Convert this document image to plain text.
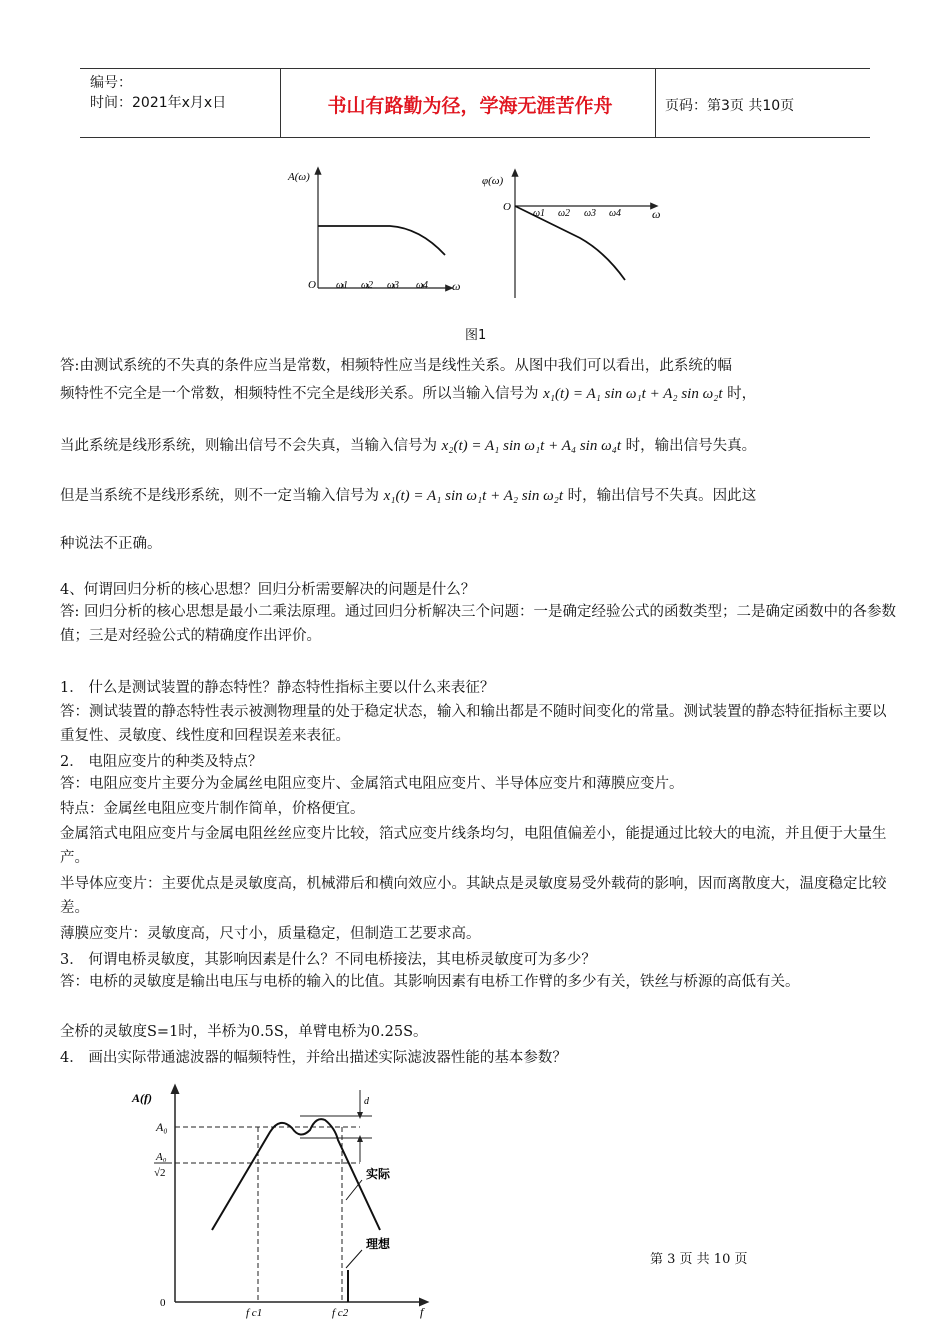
编号：
时间：2021年x月x日	书山有路勤为径，学海无涯苦作舟	页码：第3页 共10页
A(ω)
O	ω
ω1 ω2 ω3 ω4
φ(ω)
O	ω
ω1 ω2 ω3 ω4
图1
答:由测试系统的不失真的条件应当是常数，相频特性应当是线性关系。从图中我们可以看出，此系统的幅
频特性不完全是一个常数，相频特性不完全是线形关系。所以当输入信号为 x₁(t) = A₁ sin ω₁t + A₂ sin ω₂t 时，
当此系统是线形系统，则输出信号不会失真，当输入信号为 x₂(t) = A₁ sin ω₁t + A₄ sin ω₄t 时，输出信号失真。
但是当系统不是线形系统，则不一定当输入信号为 x₁(t) = A₁ sin ω₁t + A₂ sin ω₂t 时，输出信号不失真。因此这
种说法不正确。
4、何谓回归分析的核心思想？回归分析需要解决的问题是什么？

答: 回归分析的核心思想是最小二乘法原理。通过回归分析解决三个问题：一是确定经验公式的函数类型；二是确定函数中的各参数值；三是对经验公式的精确度作出评价。

1． 什么是测试装置的静态特性？静态特性指标主要以什么来表征？

答：测试装置的静态特性表示被测物理量的处于稳定状态，输入和输出都是不随时间变化的常量。测试装置的静态特征指标主要以重复性、灵敏度、线性度和回程误差来表征。

2． 电阻应变片的种类及特点？

答：电阻应变片主要分为金属丝电阻应变片、金属箔式电阻应变片、半导体应变片和薄膜应变片。

特点：金属丝电阻应变片制作简单，价格便宜。

金属箔式电阻应变片与金属电阻丝丝应变片比较，箔式应变片线条均匀，电阻值偏差小，能提通过比较大的电流，并且便于大量生产。

半导体应变片：主要优点是灵敏度高，机械滞后和横向效应小。其缺点是灵敏度易受外载荷的影响，因而离散度大，温度稳定比较差。

薄膜应变片：灵敏度高，尺寸小，质量稳定，但制造工艺要求高。

3． 何谓电桥灵敏度，其影响因素是什么？不同电桥接法，其电桥灵敏度可为多少？

答：电桥的灵敏度是输出电压与电桥的输入的比值。其影响因素有电桥工作臂的多少有关，铁丝与桥源的高低有关。

全桥的灵敏度S=1时，半桥为0.5S，单臂电桥为0.25S。

4． 画出实际带通滤波器的幅频特性，并给出描述实际滤波器性能的基本参数？
A(f)
A₀
A₀
√2
d
实际
理想
0
f c1	f c2	f
第 3 页 共 10 页
